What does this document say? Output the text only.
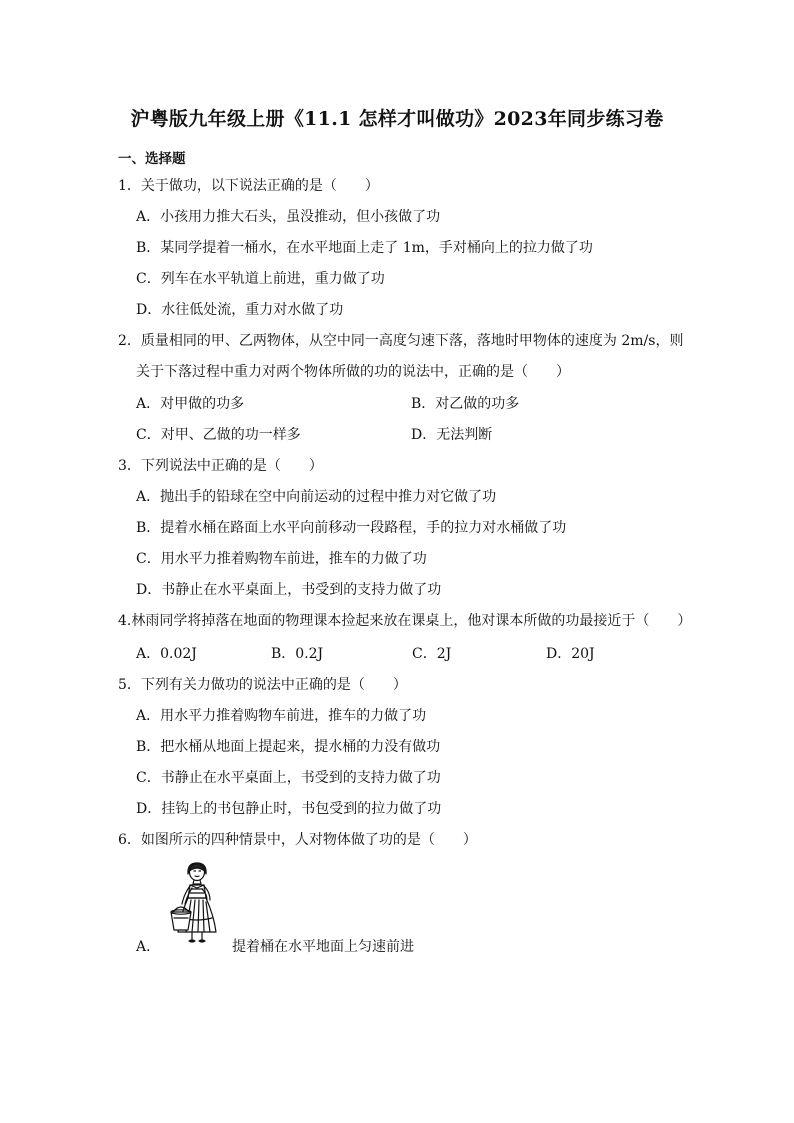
沪粤版九年级上册《11.1 怎样才叫做功》2023年同步练习卷
一、选择题
1．关于做功，以下说法正确的是（　　）
A．小孩用力推大石头，虽没推动，但小孩做了功
B．某同学提着一桶水，在水平地面上走了 1m，手对桶向上的拉力做了功
C．列车在水平轨道上前进，重力做了功
D．水往低处流，重力对水做了功
2．质量相同的甲、乙两物体，从空中同一高度匀速下落，落地时甲物体的速度为 2m/s，则
关于下落过程中重力对两个物体所做的功的说法中，正确的是（　　）
A．对甲做的功多	B．对乙做的功多
C．对甲、乙做的功一样多	D．无法判断
3．下列说法中正确的是（　　）
A．抛出手的铅球在空中向前运动的过程中推力对它做了功
B．提着水桶在路面上水平向前移动一段路程，手的拉力对水桶做了功
C．用水平力推着购物车前进，推车的力做了功
D．书静止在水平桌面上，书受到的支持力做了功
4.林雨同学将掉落在地面的物理课本捡起来放在课桌上，他对课本所做的功最接近于（　　）
A．0.02J	B．0.2J	C．2J	D．20J
5．下列有关力做功的说法中正确的是（　　）
A．用水平力推着购物车前进，推车的力做了功
B．把水桶从地面上提起来，提水桶的力没有做功
C．书静止在水平桌面上，书受到的支持力做了功
D．挂钩上的书包静止时，书包受到的拉力做了功
6．如图所示的四种情景中，人对物体做了功的是（　　）
A．	提着桶在水平地面上匀速前进
